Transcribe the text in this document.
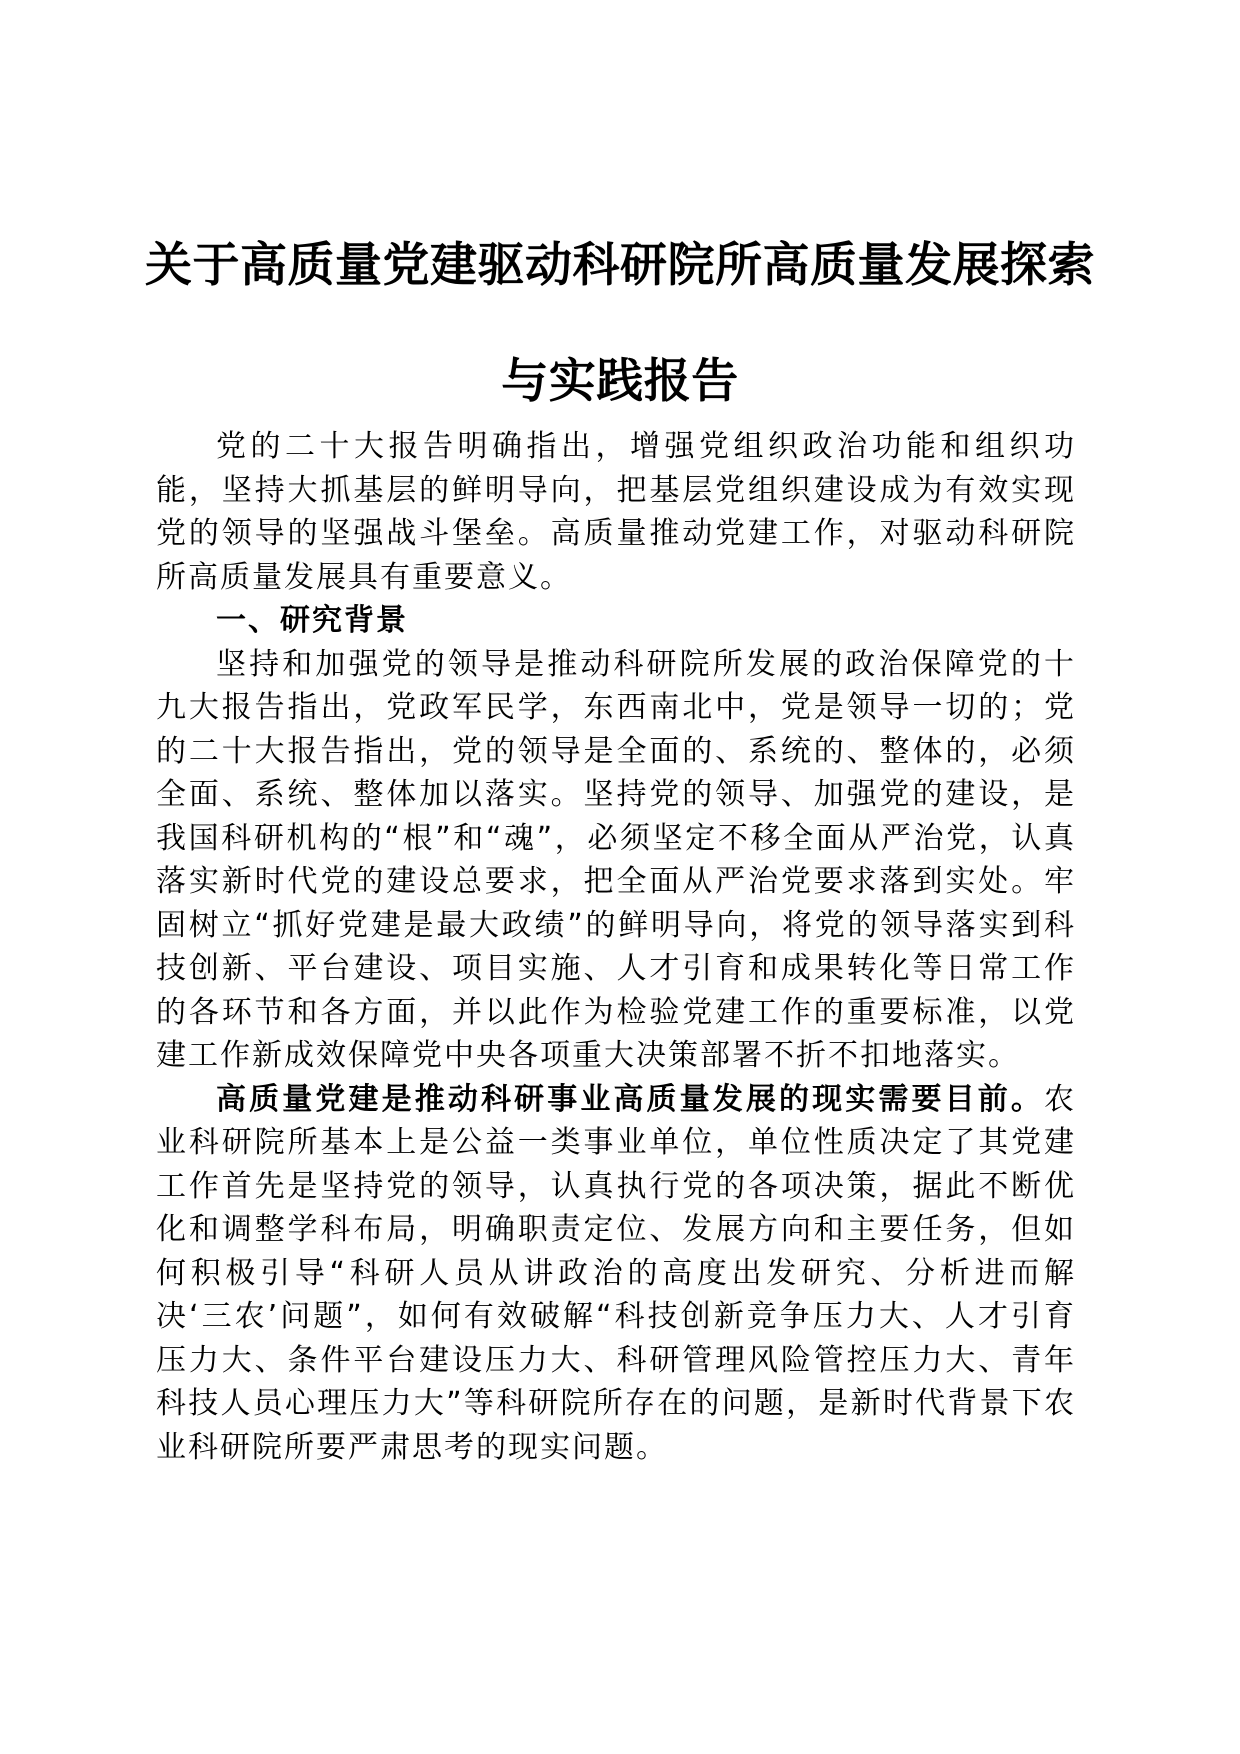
关于高质量党建驱动科研院所高质量发展探索
与实践报告

党的二十大报告明确指出，增强党组织政治功能和组织功能，坚持大抓基层的鲜明导向，把基层党组织建设成为有效实现党的领导的坚强战斗堡垒。高质量推动党建工作，对驱动科研院所高质量发展具有重要意义。

一、研究背景

坚持和加强党的领导是推动科研院所发展的政治保障党的十九大报告指出，党政军民学，东西南北中，党是领导一切的；党的二十大报告指出，党的领导是全面的、系统的、整体的，必须全面、系统、整体加以落实。坚持党的领导、加强党的建设，是我国科研机构的“根”和“魂”，必须坚定不移全面从严治党，认真落实新时代党的建设总要求，把全面从严治党要求落到实处。牢固树立“抓好党建是最大政绩”的鲜明导向，将党的领导落实到科技创新、平台建设、项目实施、人才引育和成果转化等日常工作的各环节和各方面，并以此作为检验党建工作的重要标准，以党建工作新成效保障党中央各项重大决策部署不折不扣地落实。

高质量党建是推动科研事业高质量发展的现实需要目前。农业科研院所基本上是公益一类事业单位，单位性质决定了其党建工作首先是坚持党的领导，认真执行党的各项决策，据此不断优化和调整学科布局，明确职责定位、发展方向和主要任务，但如何积极引导“科研人员从讲政治的高度出发研究、分析进而解决‘三农’问题”，如何有效破解“科技创新竞争压力大、人才引育压力大、条件平台建设压力大、科研管理风险管控压力大、青年科技人员心理压力大”等科研院所存在的问题，是新时代背景下农业科研院所要严肃思考的现实问题。
